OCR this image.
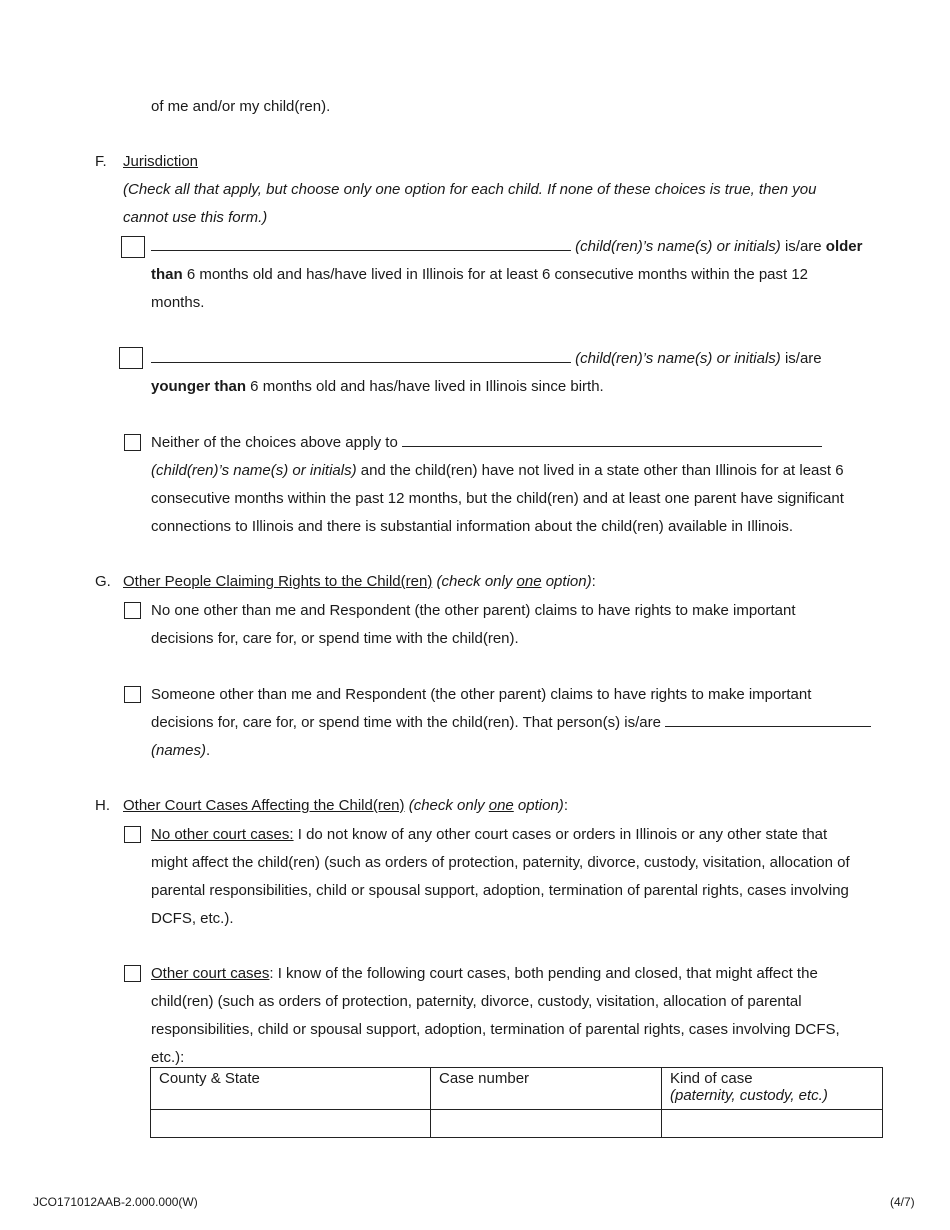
of me and/or my child(ren).
F. Jurisdiction
(Check all that apply, but choose only one option for each child. If none of these choices is true, then you
cannot use this form.)
(child(ren)’s name(s) or initials) is/are older
than 6 months old and has/have lived in Illinois for at least 6 consecutive months within the past 12
months.
(child(ren)’s name(s) or initials) is/are
younger than 6 months old and has/have lived in Illinois since birth.
Neither of the choices above apply to
(child(ren)’s name(s) or initials) and the child(ren) have not lived in a state other than Illinois for at least 6
consecutive months within the past 12 months, but the child(ren) and at least one parent have significant
connections to Illinois and there is substantial information about the child(ren) available in Illinois.
G. Other People Claiming Rights to the Child(ren) (check only one option):
No one other than me and Respondent (the other parent) claims to have rights to make important
decisions for, care for, or spend time with the child(ren).
Someone other than me and Respondent (the other parent) claims to have rights to make important
decisions for, care for, or spend time with the child(ren). That person(s) is/are
(names).
H. Other Court Cases Affecting the Child(ren) (check only one option):
No other court cases: I do not know of any other court cases or orders in Illinois or any other state that
might affect the child(ren) (such as orders of protection, paternity, divorce, custody, visitation, allocation of
parental responsibilities, child or spousal support, adoption, termination of parental rights, cases involving
DCFS, etc.).
Other court cases: I know of the following court cases, both pending and closed, that might affect the
child(ren) (such as orders of protection, paternity, divorce, custody, visitation, allocation of parental
responsibilities, child or spousal support, adoption, termination of parental rights, cases involving DCFS,
etc.):
County & State	Case number	Kind of case
(paternity, custody, etc.)

JCO171012AAB-2.000.000(W)	(4/7)
